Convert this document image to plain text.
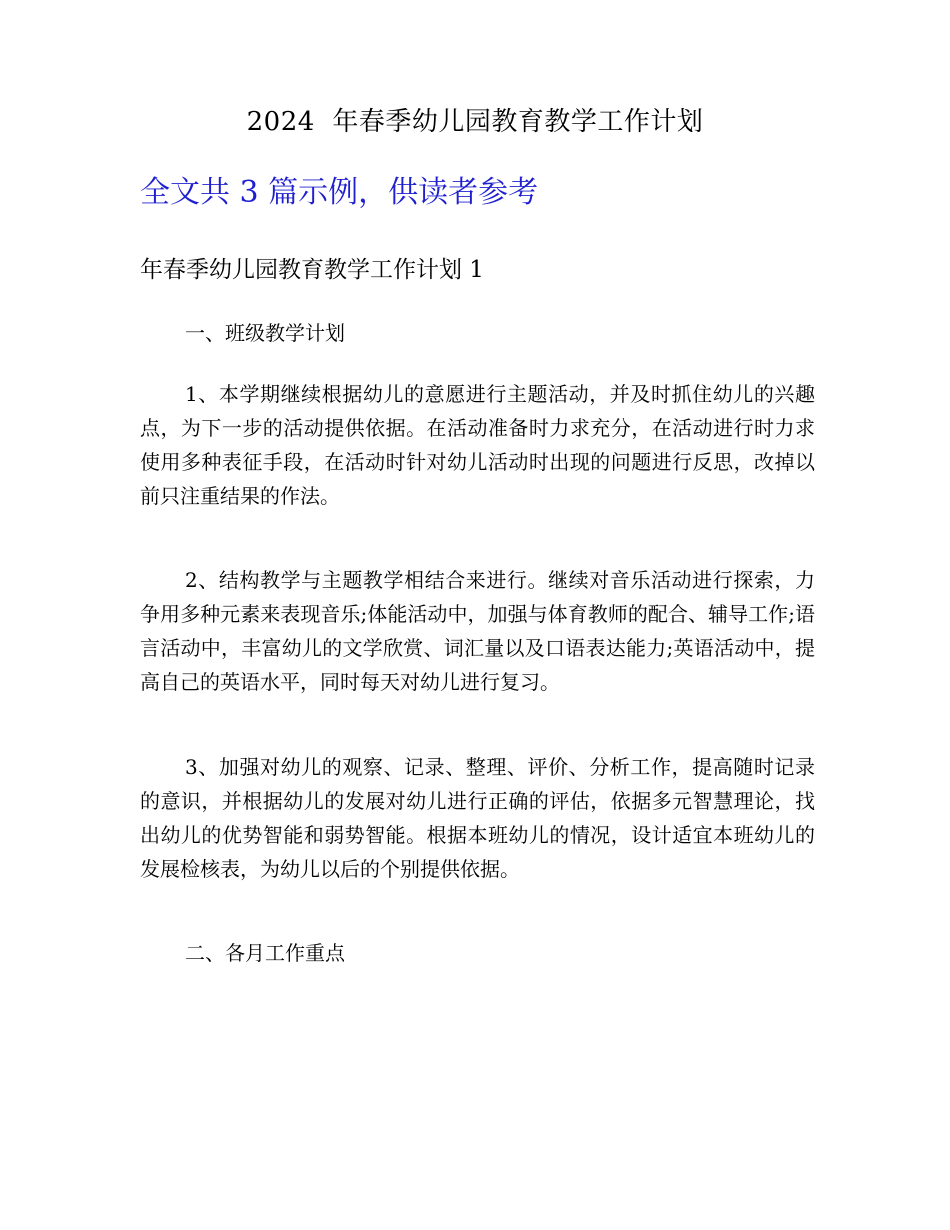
2024  年春季幼儿园教育教学工作计划
全文共 3 篇示例，供读者参考
年春季幼儿园教育教学工作计划 1
一、班级教学计划
1、本学期继续根据幼儿的意愿进行主题活动，并及时抓住幼儿的兴趣点，为下一步的活动提供依据。在活动准备时力求充分，在活动进行时力求使用多种表征手段，在活动时针对幼儿活动时出现的问题进行反思，改掉以前只注重结果的作法。
2、结构教学与主题教学相结合来进行。继续对音乐活动进行探索，力争用多种元素来表现音乐;体能活动中，加强与体育教师的配合、辅导工作;语言活动中，丰富幼儿的文学欣赏、词汇量以及口语表达能力;英语活动中，提高自己的英语水平，同时每天对幼儿进行复习。
3、加强对幼儿的观察、记录、整理、评价、分析工作，提高随时记录的意识，并根据幼儿的发展对幼儿进行正确的评估，依据多元智慧理论，找出幼儿的优势智能和弱势智能。根据本班幼儿的情况，设计适宜本班幼儿的发展检核表，为幼儿以后的个别提供依据。
二、各月工作重点
